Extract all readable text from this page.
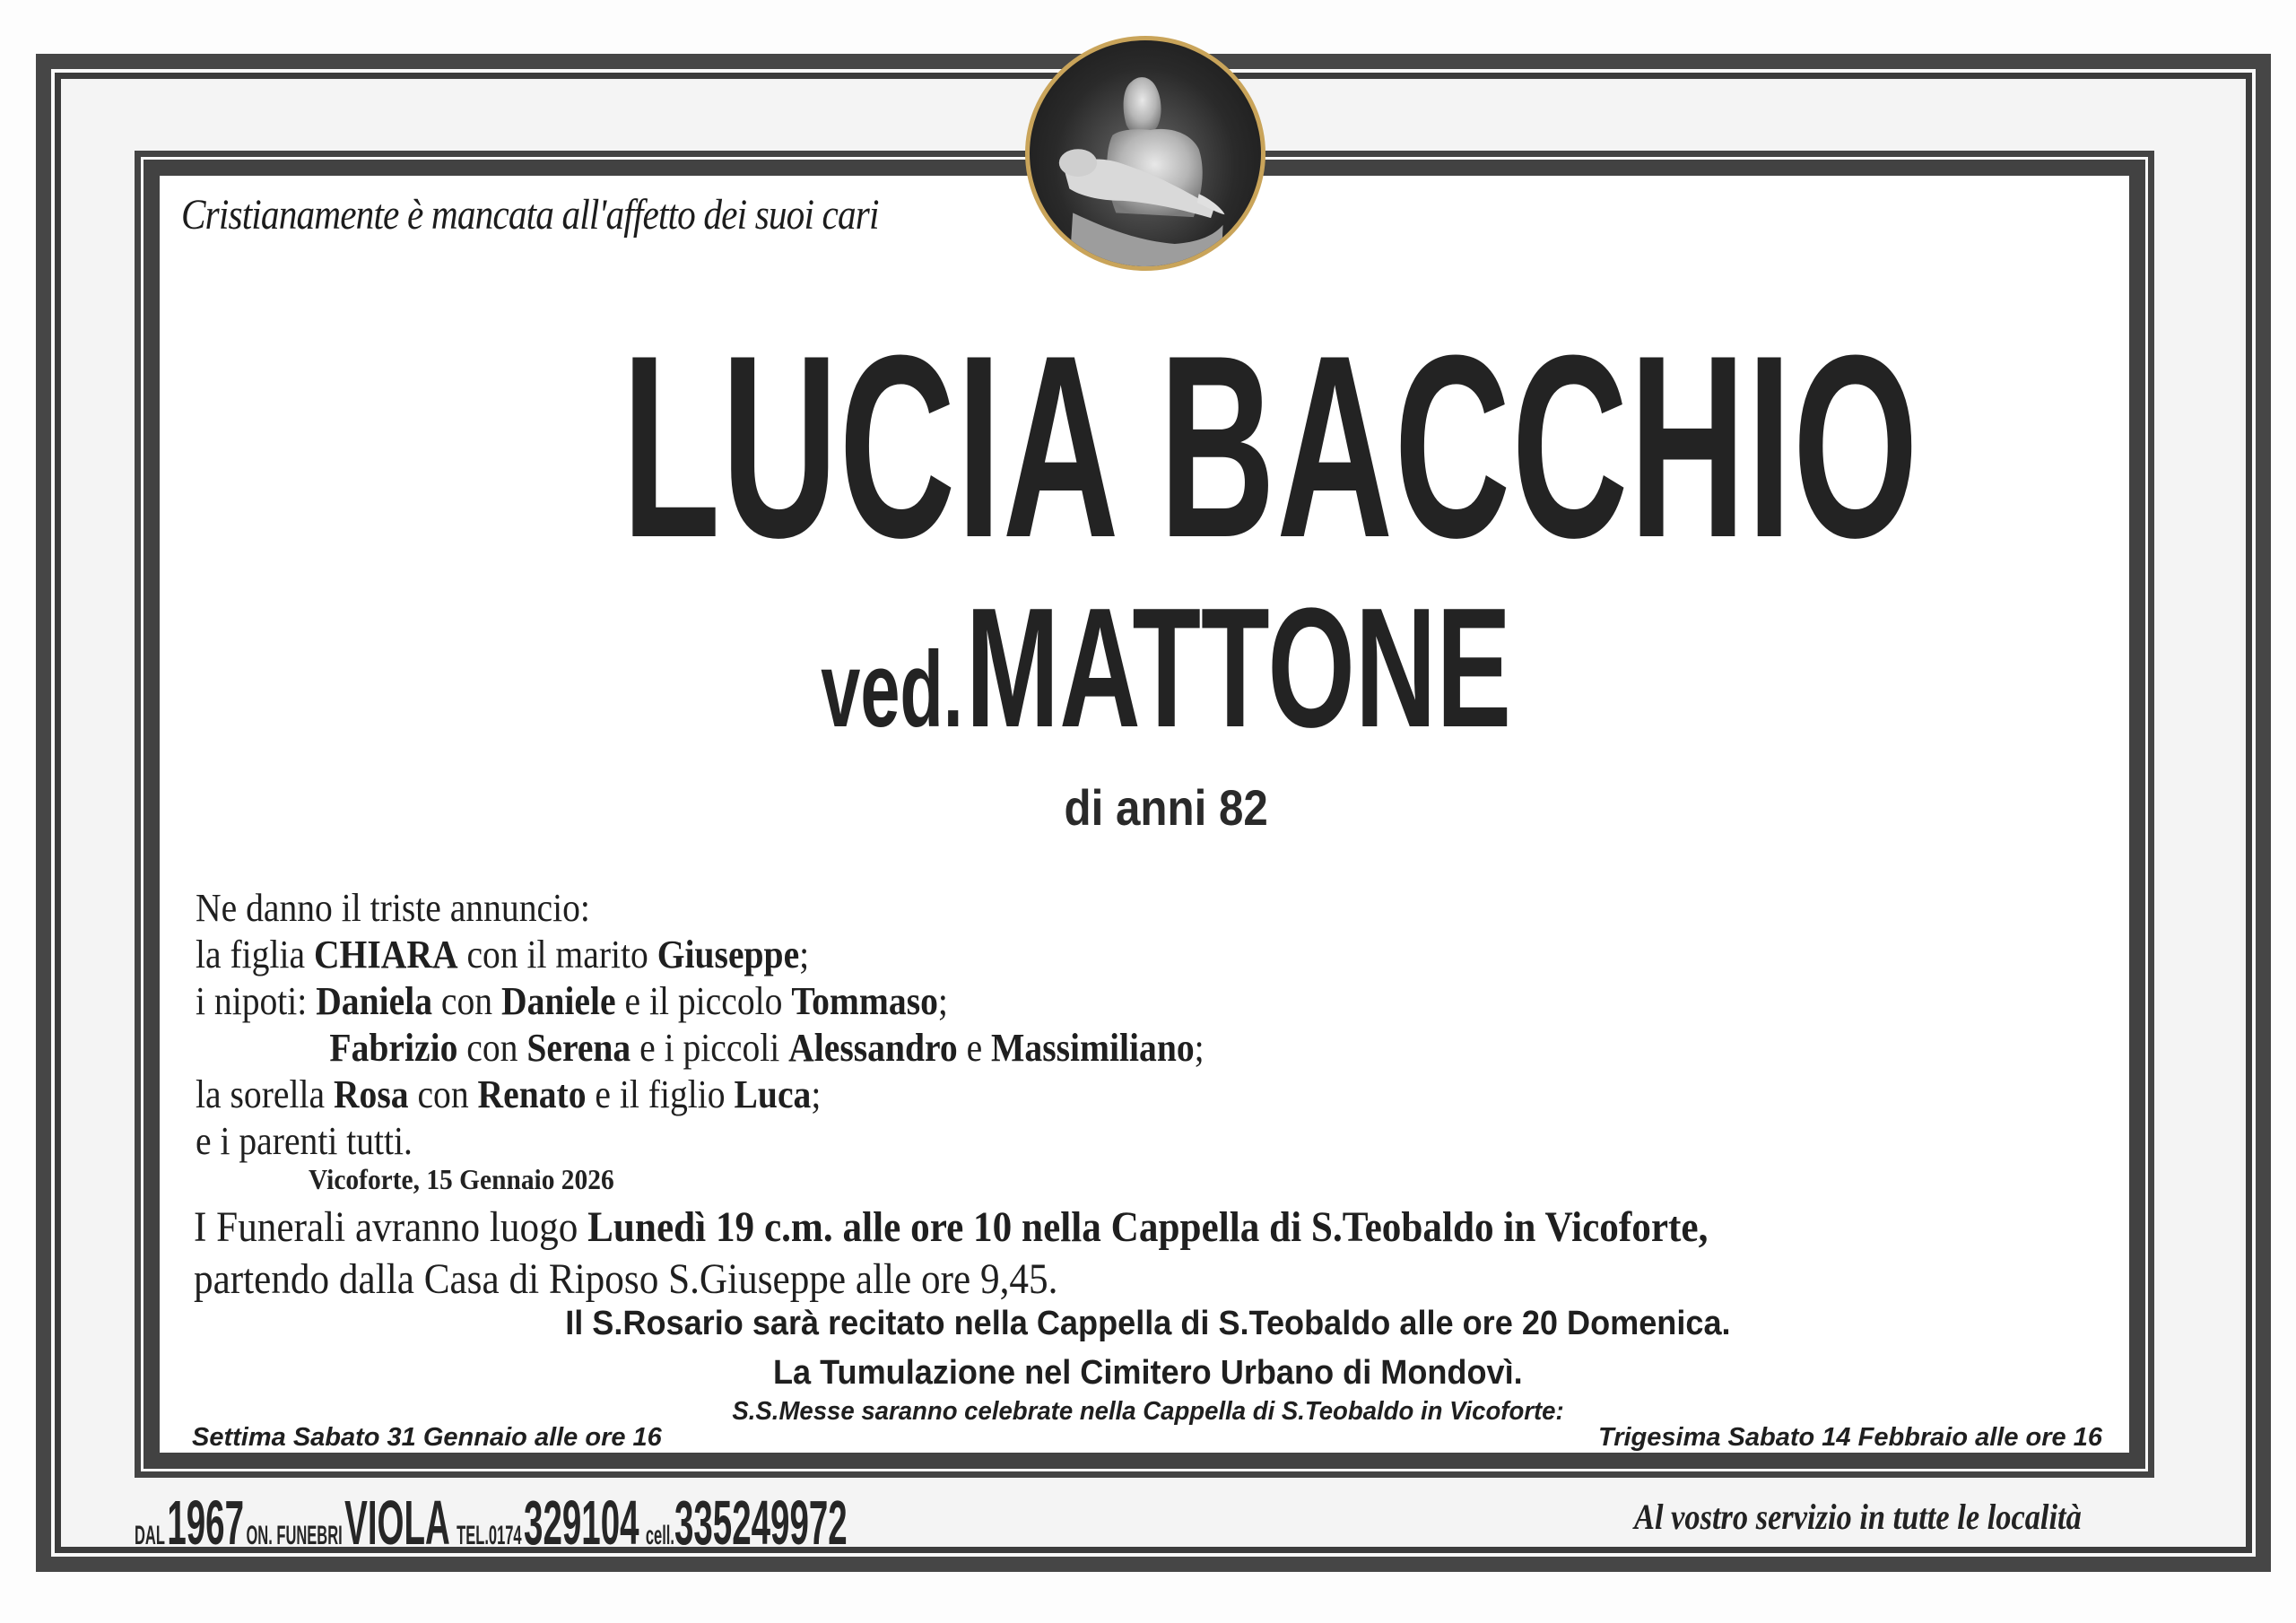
Cristianamente è mancata all'affetto dei suoi cari
LUCIA BACCHIO
ved. MATTONE
di anni 82
Ne danno il triste annuncio:
la figlia CHIARA con il marito Giuseppe;
i nipoti: Daniela con Daniele e il piccolo Tommaso;
Fabrizio con Serena e i piccoli Alessandro e Massimiliano;
la sorella Rosa con Renato e il figlio Luca;
e i parenti tutti.
Vicoforte, 15 Gennaio 2026
I Funerali avranno luogo Lunedì 19 c.m. alle ore 10 nella Cappella di S.Teobaldo in Vicoforte,
partendo dalla Casa di Riposo S.Giuseppe alle ore 9,45.
Il S.Rosario sarà recitato nella Cappella di S.Teobaldo alle ore 20 Domenica.
La Tumulazione nel Cimitero Urbano di Mondovì.
S.S.Messe saranno celebrate nella Cappella di S.Teobaldo in Vicoforte:
Settima Sabato 31 Gennaio alle ore 16	Trigesima Sabato 14 Febbraio alle ore 16
DAL 1967 ON. FUNEBRI VIOLA TEL.0174 329104 cell.335249972	Al vostro servizio in tutte le località
